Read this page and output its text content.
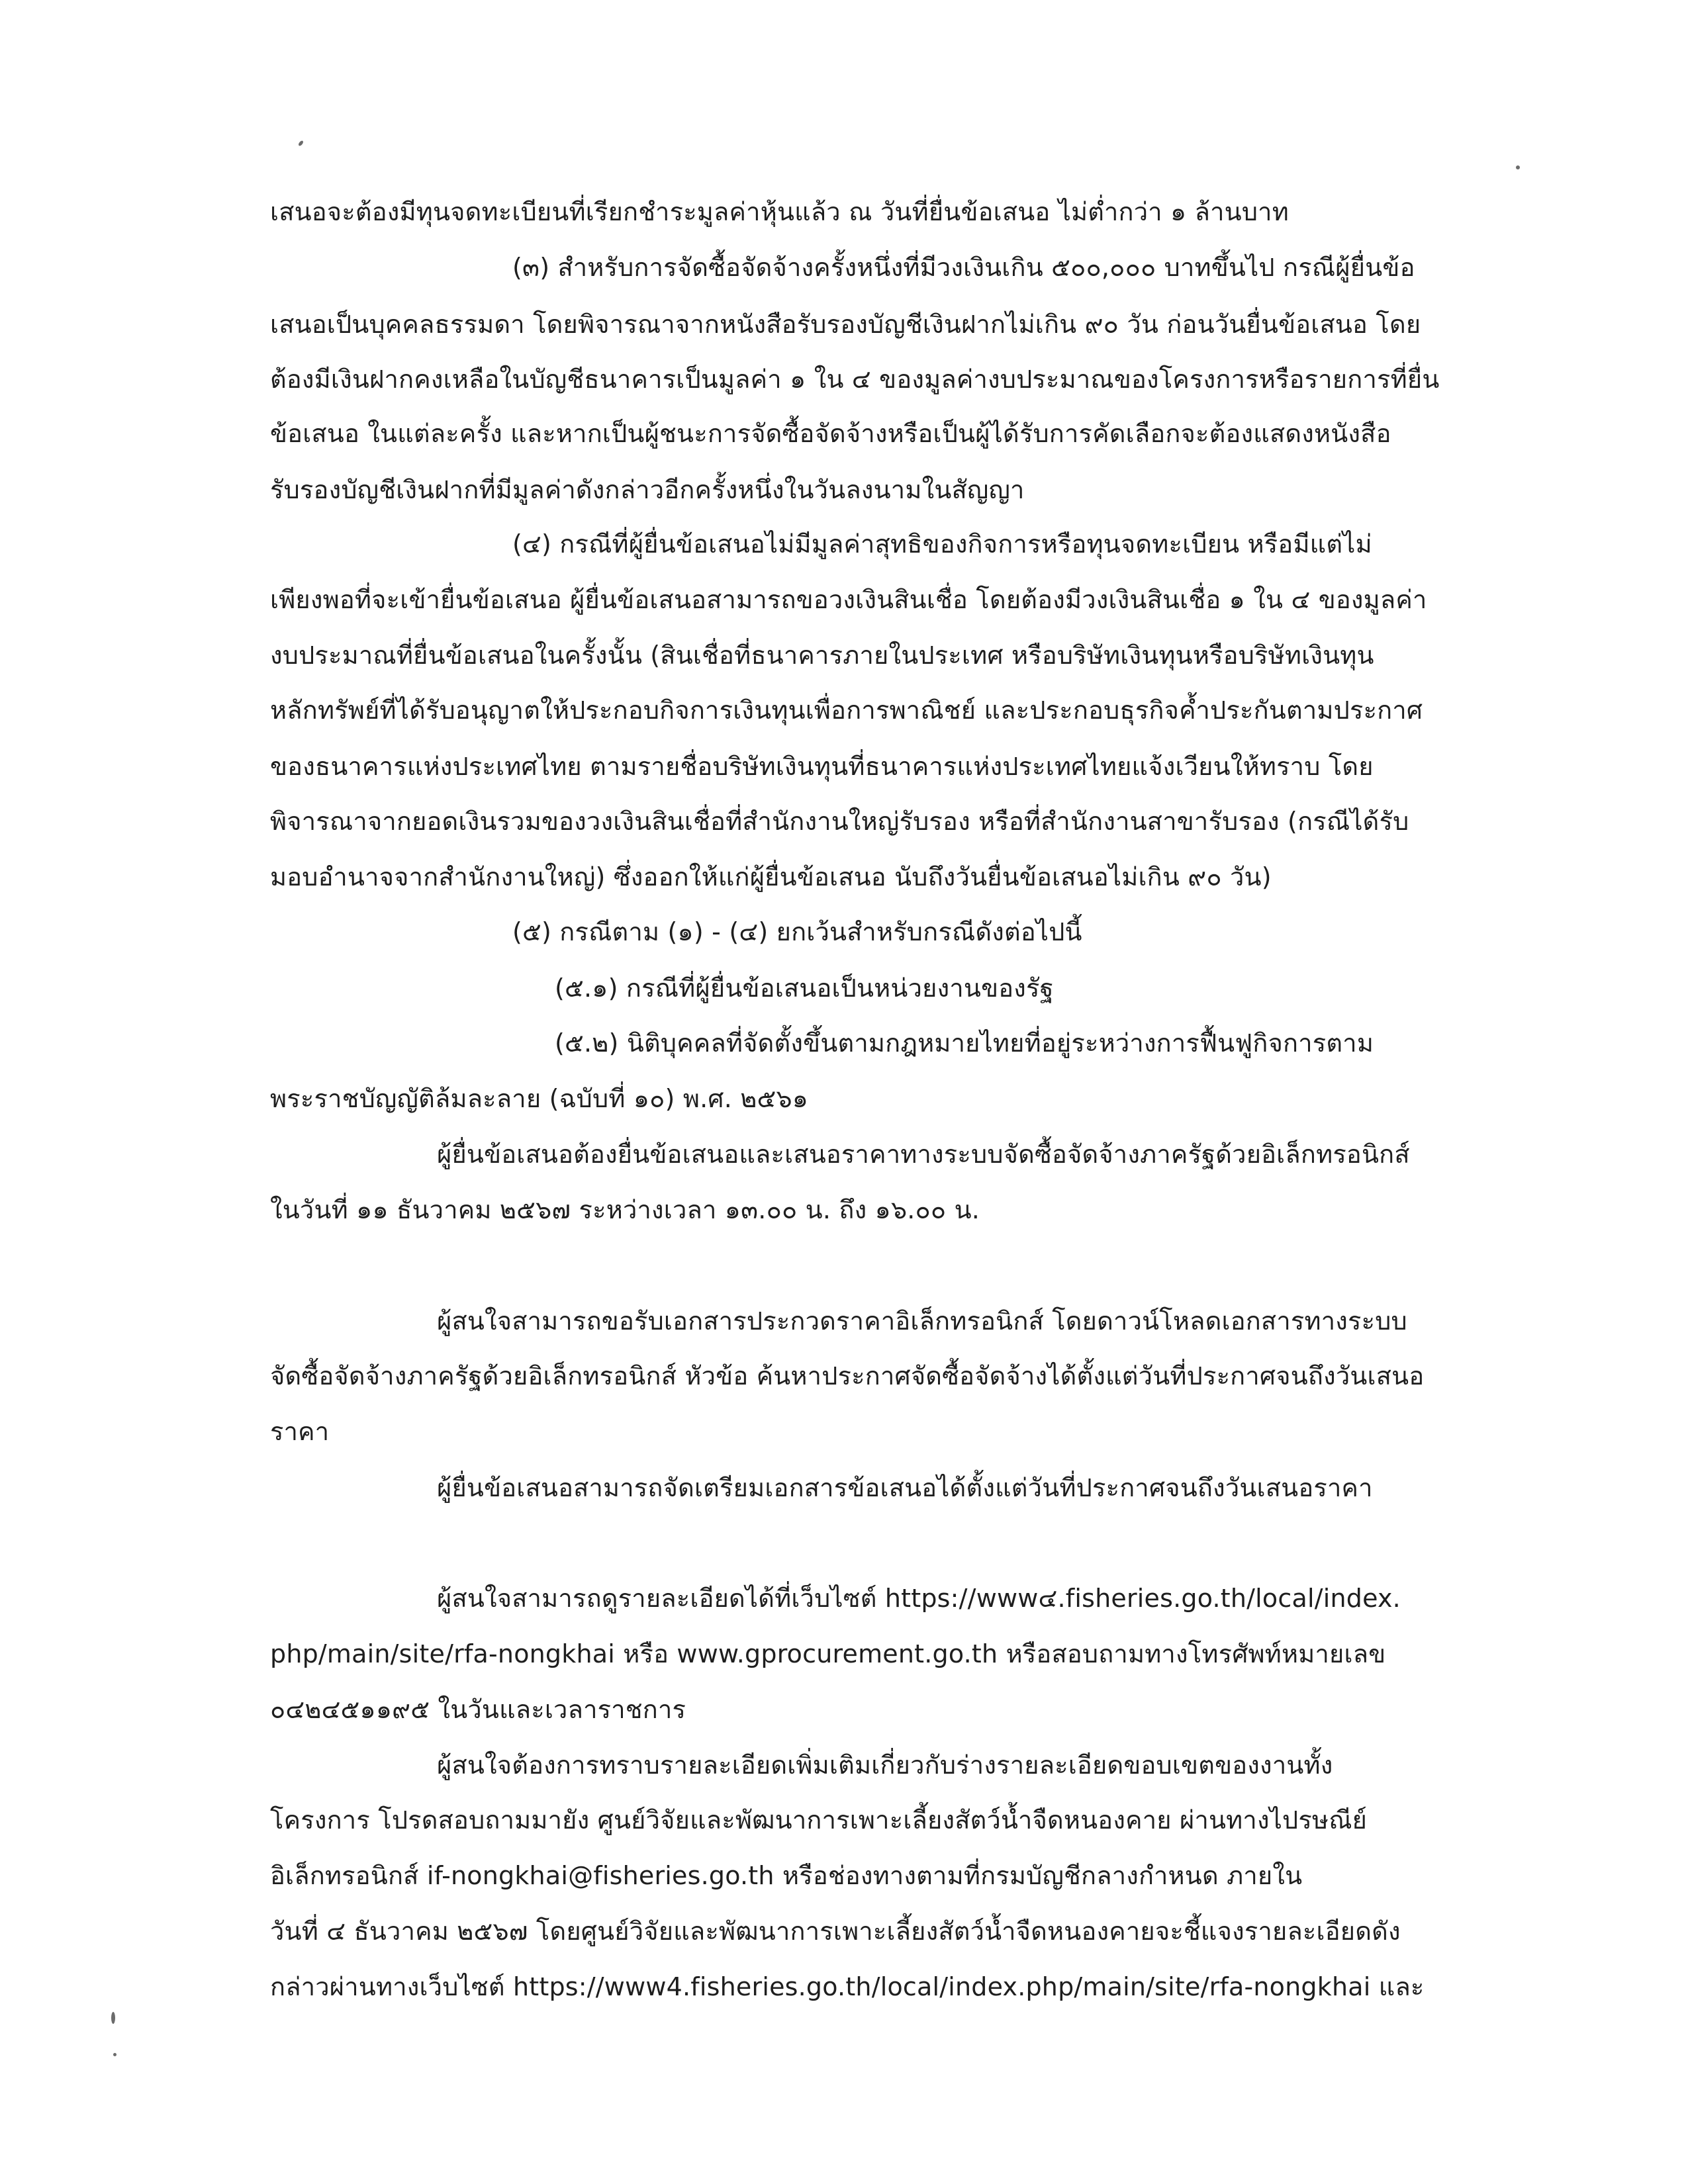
เสนอจะต้องมีทุนจดทะเบียนที่เรียกชำระมูลค่าหุ้นแล้ว ณ วันที่ยื่นข้อเสนอ ไม่ต่ำกว่า ๑ ล้านบาท
(๓) สำหรับการจัดซื้อจัดจ้างครั้งหนึ่งที่มีวงเงินเกิน ๕๐๐,๐๐๐ บาทขึ้นไป กรณีผู้ยื่นข้อ
เสนอเป็นบุคคลธรรมดา โดยพิจารณาจากหนังสือรับรองบัญชีเงินฝากไม่เกิน ๙๐ วัน ก่อนวันยื่นข้อเสนอ โดย
ต้องมีเงินฝากคงเหลือในบัญชีธนาคารเป็นมูลค่า ๑ ใน ๔ ของมูลค่างบประมาณของโครงการหรือรายการที่ยื่น
ข้อเสนอ ในแต่ละครั้ง และหากเป็นผู้ชนะการจัดซื้อจัดจ้างหรือเป็นผู้ได้รับการคัดเลือกจะต้องแสดงหนังสือ
รับรองบัญชีเงินฝากที่มีมูลค่าดังกล่าวอีกครั้งหนึ่งในวันลงนามในสัญญา
(๔) กรณีที่ผู้ยื่นข้อเสนอไม่มีมูลค่าสุทธิของกิจการหรือทุนจดทะเบียน หรือมีแต่ไม่
เพียงพอที่จะเข้ายื่นข้อเสนอ ผู้ยื่นข้อเสนอสามารถขอวงเงินสินเชื่อ โดยต้องมีวงเงินสินเชื่อ ๑ ใน ๔ ของมูลค่า
งบประมาณที่ยื่นข้อเสนอในครั้งนั้น (สินเชื่อที่ธนาคารภายในประเทศ หรือบริษัทเงินทุนหรือบริษัทเงินทุน
หลักทรัพย์ที่ได้รับอนุญาตให้ประกอบกิจการเงินทุนเพื่อการพาณิชย์ และประกอบธุรกิจค้ำประกันตามประกาศ
ของธนาคารแห่งประเทศไทย ตามรายชื่อบริษัทเงินทุนที่ธนาคารแห่งประเทศไทยแจ้งเวียนให้ทราบ โดย
พิจารณาจากยอดเงินรวมของวงเงินสินเชื่อที่สำนักงานใหญ่รับรอง หรือที่สำนักงานสาขารับรอง (กรณีได้รับ
มอบอำนาจจากสำนักงานใหญ่) ซึ่งออกให้แก่ผู้ยื่นข้อเสนอ นับถึงวันยื่นข้อเสนอไม่เกิน ๙๐ วัน)
(๕) กรณีตาม (๑) - (๔) ยกเว้นสำหรับกรณีดังต่อไปนี้
(๕.๑) กรณีที่ผู้ยื่นข้อเสนอเป็นหน่วยงานของรัฐ
(๕.๒) นิติบุคคลที่จัดตั้งขึ้นตามกฎหมายไทยที่อยู่ระหว่างการฟื้นฟูกิจการตาม
พระราชบัญญัติล้มละลาย (ฉบับที่ ๑๐) พ.ศ. ๒๕๖๑
ผู้ยื่นข้อเสนอต้องยื่นข้อเสนอและเสนอราคาทางระบบจัดซื้อจัดจ้างภาครัฐด้วยอิเล็กทรอนิกส์
ในวันที่ ๑๑ ธันวาคม ๒๕๖๗ ระหว่างเวลา ๑๓.๐๐ น. ถึง ๑๖.๐๐ น.
ผู้สนใจสามารถขอรับเอกสารประกวดราคาอิเล็กทรอนิกส์ โดยดาวน์โหลดเอกสารทางระบบ
จัดซื้อจัดจ้างภาครัฐด้วยอิเล็กทรอนิกส์ หัวข้อ ค้นหาประกาศจัดซื้อจัดจ้างได้ตั้งแต่วันที่ประกาศจนถึงวันเสนอ
ราคา
ผู้ยื่นข้อเสนอสามารถจัดเตรียมเอกสารข้อเสนอได้ตั้งแต่วันที่ประกาศจนถึงวันเสนอราคา
ผู้สนใจสามารถดูรายละเอียดได้ที่เว็บไซต์ https://www๔.fisheries.go.th/local/index.
php/main/site/rfa-nongkhai หรือ www.gprocurement.go.th หรือสอบถามทางโทรศัพท์หมายเลข
๐๔๒๔๕๑๑๙๕ ในวันและเวลาราชการ
ผู้สนใจต้องการทราบรายละเอียดเพิ่มเติมเกี่ยวกับร่างรายละเอียดขอบเขตของงานทั้ง
โครงการ โปรดสอบถามมายัง ศูนย์วิจัยและพัฒนาการเพาะเลี้ยงสัตว์น้ำจืดหนองคาย ผ่านทางไปรษณีย์
อิเล็กทรอนิกส์ if-nongkhai@fisheries.go.th หรือช่องทางตามที่กรมบัญชีกลางกำหนด ภายใน
วันที่ ๔ ธันวาคม ๒๕๖๗ โดยศูนย์วิจัยและพัฒนาการเพาะเลี้ยงสัตว์น้ำจืดหนองคายจะชี้แจงรายละเอียดดัง
กล่าวผ่านทางเว็บไซต์ https://www4.fisheries.go.th/local/index.php/main/site/rfa-nongkhai และ
